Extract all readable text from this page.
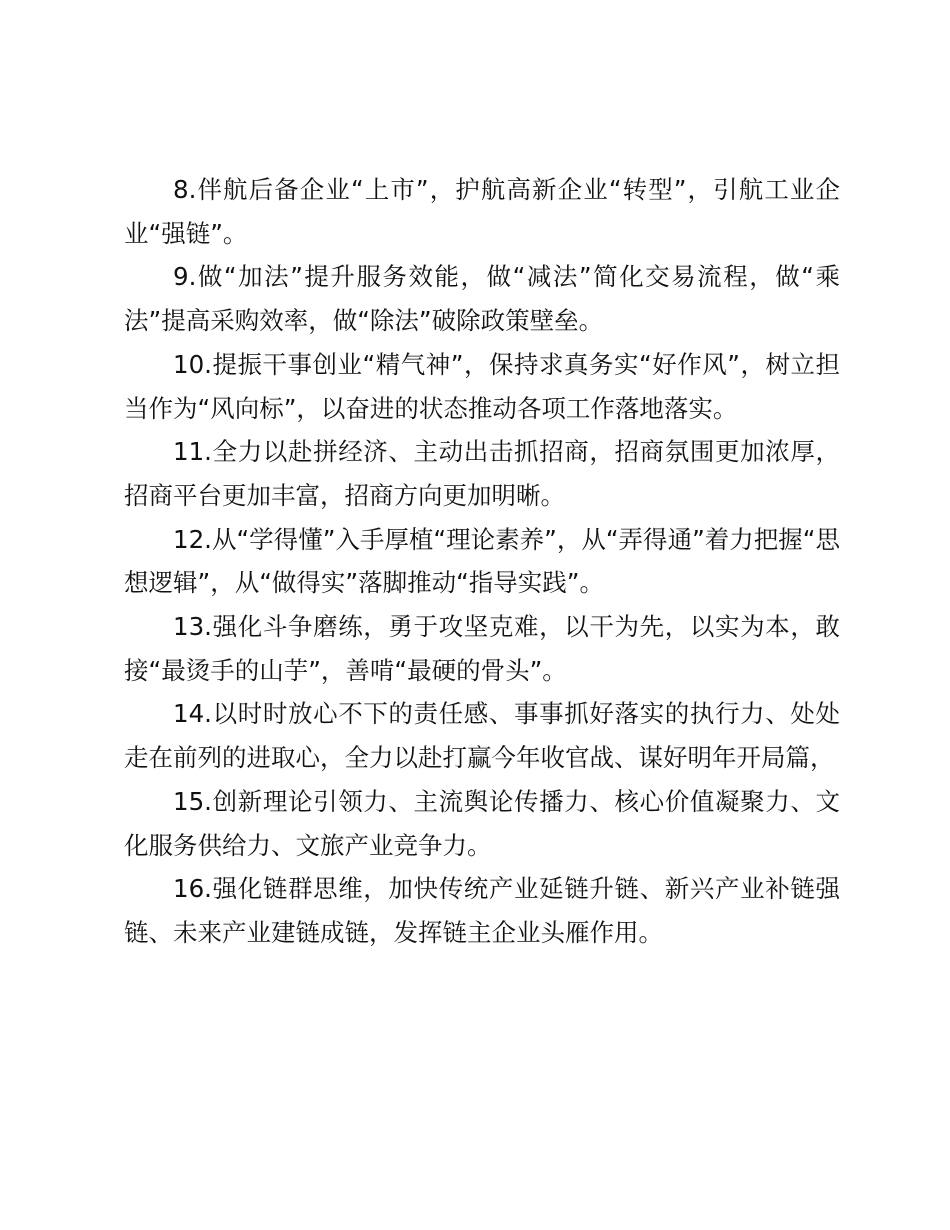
8.伴航后备企业“上市”，护航高新企业“转型”，引航工业企业“强链”。

9.做“加法”提升服务效能，做“减法”简化交易流程，做“乘法”提高采购效率，做“除法”破除政策壁垒。

10.提振干事创业“精气神”，保持求真务实“好作风”，树立担当作为“风向标”，以奋进的状态推动各项工作落地落实。

11.全力以赴拼经济、主动出击抓招商，招商氛围更加浓厚，招商平台更加丰富，招商方向更加明晰。

12.从“学得懂”入手厚植“理论素养”，从“弄得通”着力把握“思想逻辑”，从“做得实”落脚推动“指导实践”。

13.强化斗争磨练，勇于攻坚克难，以干为先，以实为本，敢接“最烫手的山芋”，善啃“最硬的骨头”。

14.以时时放心不下的责任感、事事抓好落实的执行力、处处走在前列的进取心，全力以赴打赢今年收官战、谋好明年开局篇，

15.创新理论引领力、主流舆论传播力、核心价值凝聚力、文化服务供给力、文旅产业竞争力。

16.强化链群思维，加快传统产业延链升链、新兴产业补链强链、未来产业建链成链，发挥链主企业头雁作用。
